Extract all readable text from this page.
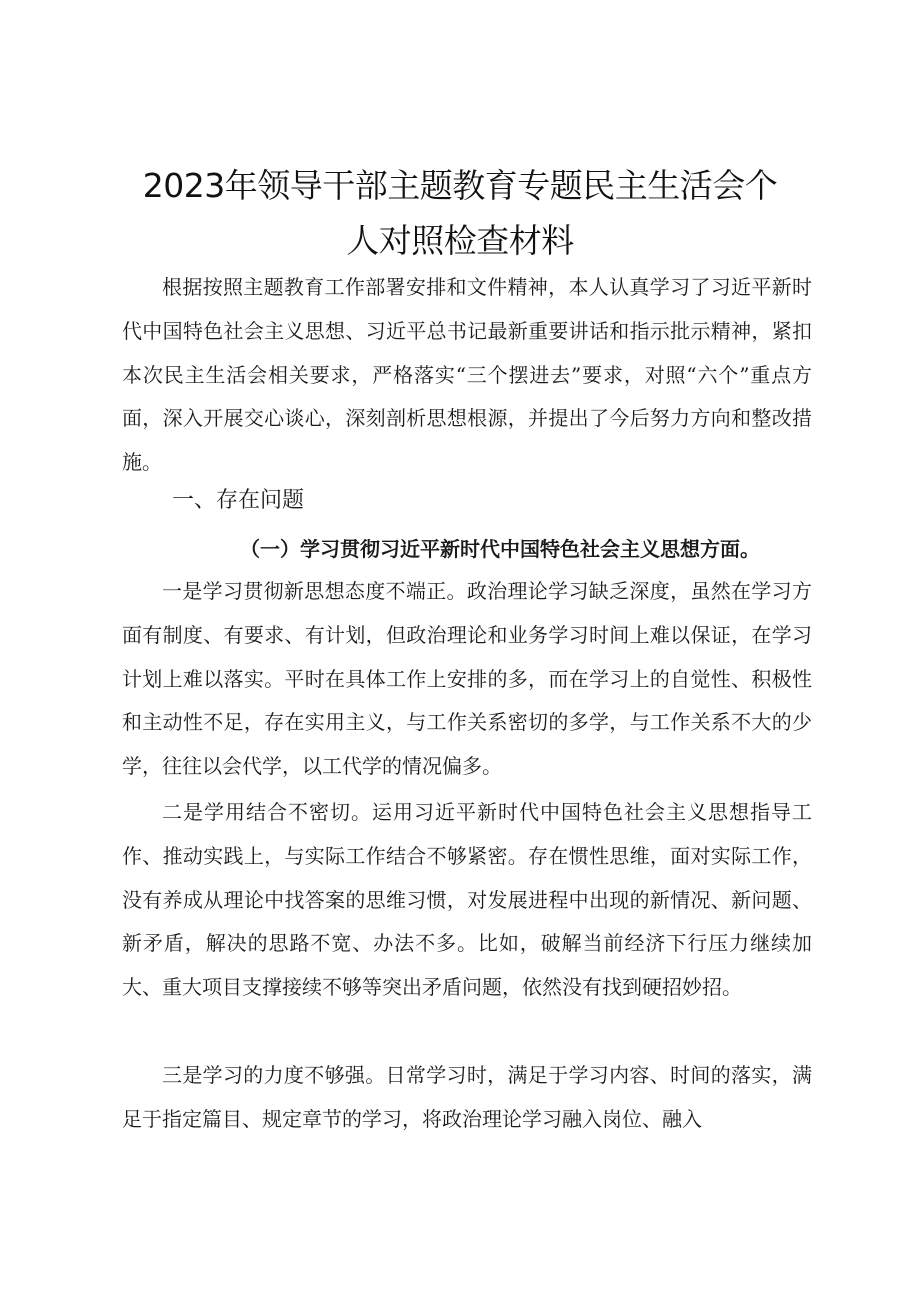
2023年领导干部主题教育专题民主生活会个
人对照检查材料

根据按照主题教育工作部署安排和文件精神，本人认真学习了习近平新时代中国特色社会主义思想、习近平总书记最新重要讲话和指示批示精神，紧扣本次民主生活会相关要求，严格落实“三个摆进去”要求，对照“六个”重点方面，深入开展交心谈心，深刻剖析思想根源，并提出了今后努力方向和整改措施。

一、存在问题
（一）学习贯彻习近平新时代中国特色社会主义思想方面。

一是学习贯彻新思想态度不端正。政治理论学习缺乏深度，虽然在学习方面有制度、有要求、有计划，但政治理论和业务学习时间上难以保证，在学习计划上难以落实。平时在具体工作上安排的多，而在学习上的自觉性、积极性和主动性不足，存在实用主义，与工作关系密切的多学，与工作关系不大的少学，往往以会代学，以工代学的情况偏多。

二是学用结合不密切。运用习近平新时代中国特色社会主义思想指导工作、推动实践上，与实际工作结合不够紧密。存在惯性思维，面对实际工作，没有养成从理论中找答案的思维习惯，对发展进程中出现的新情况、新问题、新矛盾，解决的思路不宽、办法不多。比如，破解当前经济下行压力继续加大、重大项目支撑接续不够等突出矛盾问题，依然没有找到硬招妙招。

三是学习的力度不够强。日常学习时，满足于学习内容、时间的落实，满足于指定篇目、规定章节的学习，将政治理论学习融入岗位、融入
